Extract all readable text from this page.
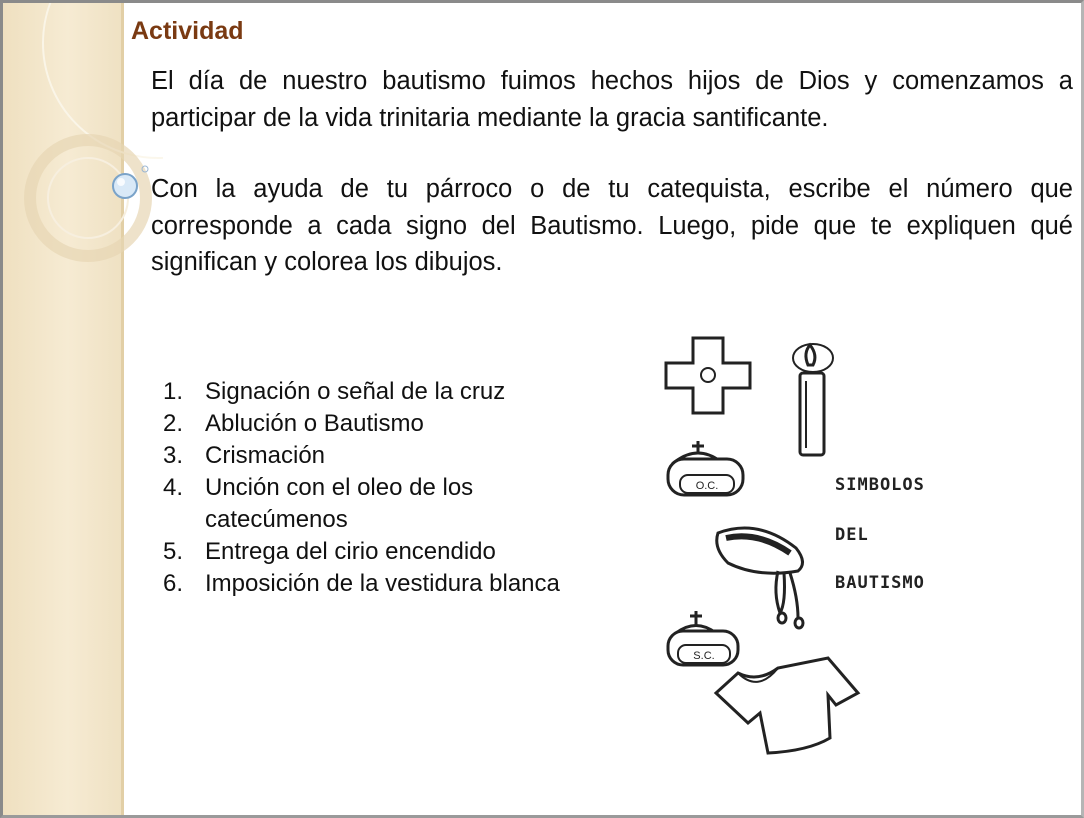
Actividad

El día de nuestro bautismo fuimos hechos hijos de Dios y comenzamos a participar de la vida trinitaria mediante la gracia santificante.

Con la ayuda de tu párroco o de tu catequista, escribe el número que corresponde a cada signo del Bautismo. Luego, pide que te expliquen qué significan y colorea los dibujos.

1. Signación o señal de la cruz
2. Ablución o Bautismo
3. Crismación
4. Unción con el oleo de los catecúmenos
5. Entrega del cirio encendido
6. Imposición de la vestidura blanca
O.C.
S.C.
SIMBOLOS
DEL
BAUTISMO
